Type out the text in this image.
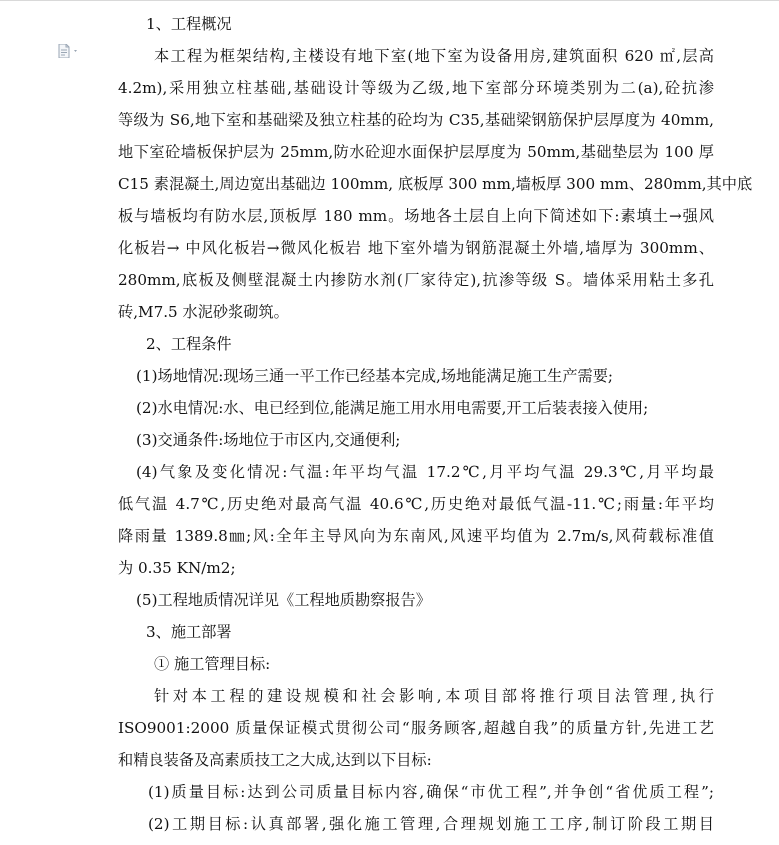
1、工程概况
本工程为框架结构,主楼设有地下室(地下室为设备用房,建筑面积 620 ㎡,层高
4.2m),采用独立柱基础,基础设计等级为乙级,地下室部分环境类别为二(a),砼抗渗
等级为 S6,地下室和基础梁及独立柱基的砼均为 C35,基础梁钢筋保护层厚度为 40mm,
地下室砼墙板保护层为 25mm,防水砼迎水面保护层厚度为 50mm,基础垫层为 100 厚
C15 素混凝土,周边宽出基础边 100mm, 底板厚 300 mm,墙板厚 300 mm、280mm,其中底
板与墙板均有防水层,顶板厚 180 mm。场地各土层自上向下简述如下:素填土→强风
化板岩→ 中风化板岩→微风化板岩 地下室外墙为钢筋混凝土外墙,墙厚为 300mm、
280mm,底板及侧壁混凝土内掺防水剂(厂家待定),抗渗等级 S。墙体采用粘土多孔
砖,M7.5 水泥砂浆砌筑。
2、工程条件
(1)场地情况:现场三通一平工作已经基本完成,场地能满足施工生产需要;
(2)水电情况:水、电已经到位,能满足施工用水用电需要,开工后装表接入使用;
(3)交通条件:场地位于市区内,交通便利;
(4)气象及变化情况:气温:年平均气温 17.2℃,月平均气温 29.3℃,月平均最
低气温 4.7℃,历史绝对最高气温 40.6℃,历史绝对最低气温-11.℃;雨量:年平均
降雨量 1389.8㎜;风:全年主导风向为东南风,风速平均值为 2.7m/s,风荷载标准值
为 0.35 KN/m2;
(5)工程地质情况详见《工程地质勘察报告》
3、施工部署
① 施工管理目标:
针对本工程的建设规模和社会影响,本项目部将推行项目法管理,执行
ISO9001:2000 质量保证模式贯彻公司“服务顾客,超越自我”的质量方针,先进工艺
和精良装备及高素质技工之大成,达到以下目标:
(1)质量目标:达到公司质量目标内容,确保“市优工程”,并争创“省优质工程”;
(2)工期目标:认真部署,强化施工管理,合理规划施工工序,制订阶段工期目
